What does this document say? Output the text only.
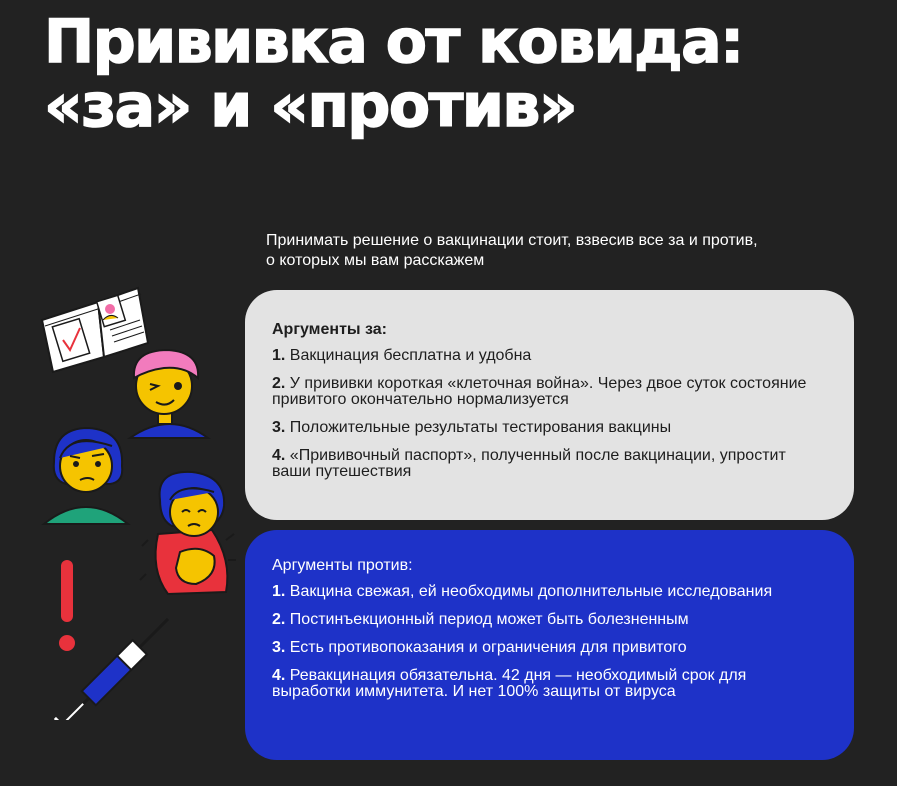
Прививка от ковида:
«за» и «против»

Принимать решение о вакцинации стоит, взвесив все за и против,
о которых мы вам расскажем

Аргументы за:

1. Вакцинация бесплатна и удобна

2. У прививки короткая «клеточная война». Через двое суток состояние привитого окончательно нормализуется

3. Положительные результаты тестирования вакцины

4. «Прививочный паспорт», полученный после вакцинации, упростит ваши путешествия

Аргументы против:

1. Вакцина свежая, ей необходимы дополнительные исследования

2. Постинъекционный период может быть болезненным

3. Есть противопоказания и ограничения для привитого

4. Ревакцинация обязательна. 42 дня — необходимый срок для выработки иммунитета. И нет 100% защиты от вируса
